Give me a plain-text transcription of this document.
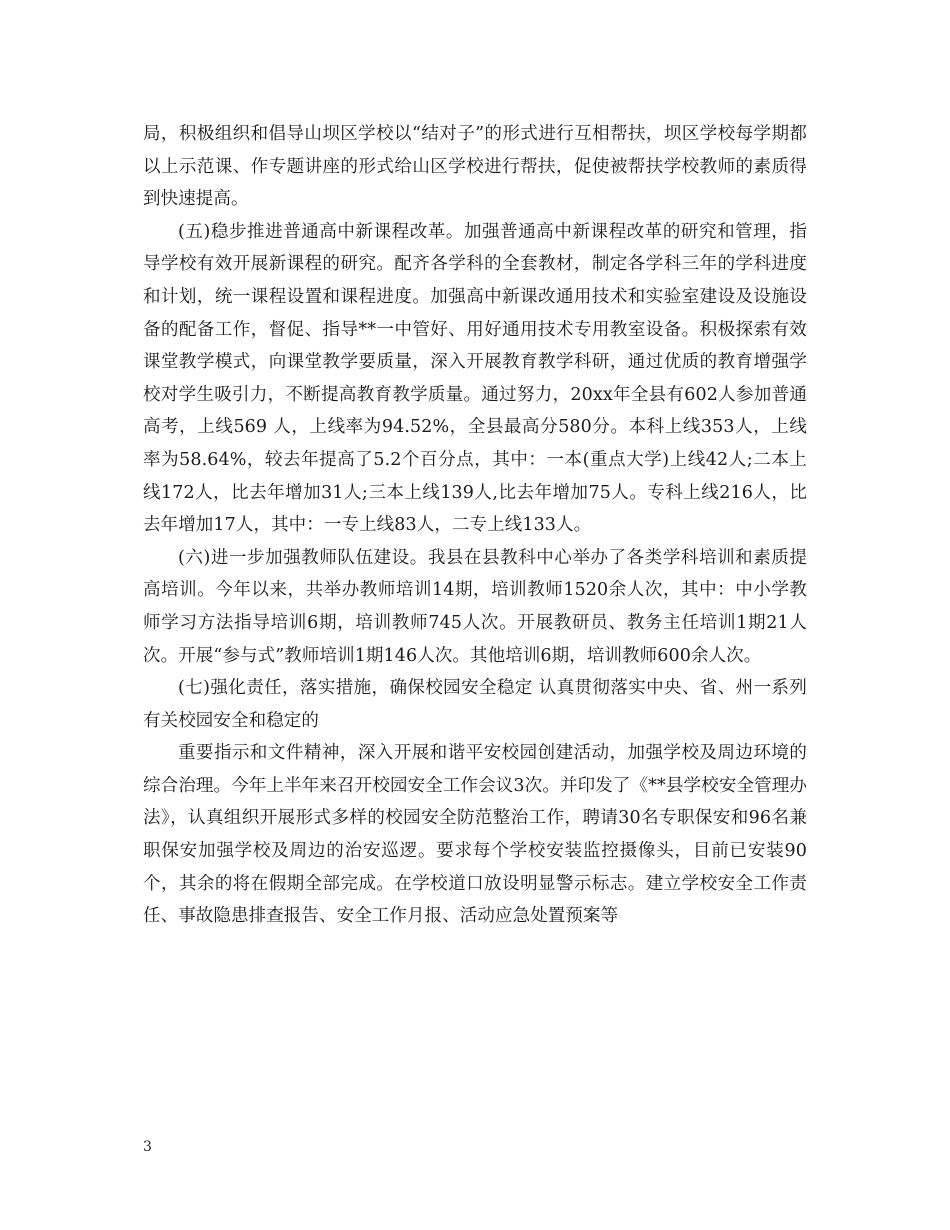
局，积极组织和倡导山坝区学校以“结对子”的形式进行互相帮扶，坝区学校每学期都以上示范课、作专题讲座的形式给山区学校进行帮扶，促使被帮扶学校教师的素质得到快速提高。

(五)稳步推进普通高中新课程改革。加强普通高中新课程改革的研究和管理，指导学校有效开展新课程的研究。配齐各学科的全套教材，制定各学科三年的学科进度和计划，统一课程设置和课程进度。加强高中新课改通用技术和实验室建设及设施设备的配备工作，督促、指导**一中管好、用好通用技术专用教室设备。积极探索有效课堂教学模式，向课堂教学要质量，深入开展教育教学科研，通过优质的教育增强学校对学生吸引力，不断提高教育教学质量。通过努力，20xx年全县有602人参加普通高考，上线569 人，上线率为94.52%，全县最高分580分。本科上线353人，上线率为58.64%，较去年提高了5.2个百分点，其中：一本(重点大学)上线42人;二本上线172人，比去年增加31人;三本上线139人,比去年增加75人。专科上线216人，比去年增加17人，其中：一专上线83人，二专上线133人。

(六)进一步加强教师队伍建设。我县在县教科中心举办了各类学科培训和素质提高培训。今年以来，共举办教师培训14期，培训教师1520余人次，其中：中小学教师学习方法指导培训6期，培训教师745人次。开展教研员、教务主任培训1期21人次。开展“参与式”教师培训1期146人次。其他培训6期，培训教师600余人次。

(七)强化责任，落实措施，确保校园安全稳定 认真贯彻落实中央、省、州一系列有关校园安全和稳定的

重要指示和文件精神，深入开展和谐平安校园创建活动，加强学校及周边环境的综合治理。今年上半年来召开校园安全工作会议3次。并印发了《**县学校安全管理办法》，认真组织开展形式多样的校园安全防范整治工作，聘请30名专职保安和96名兼职保安加强学校及周边的治安巡逻。要求每个学校安装监控摄像头，目前已安装90个，其余的将在假期全部完成。在学校道口放设明显警示标志。建立学校安全工作责任、事故隐患排查报告、安全工作月报、活动应急处置预案等

3
